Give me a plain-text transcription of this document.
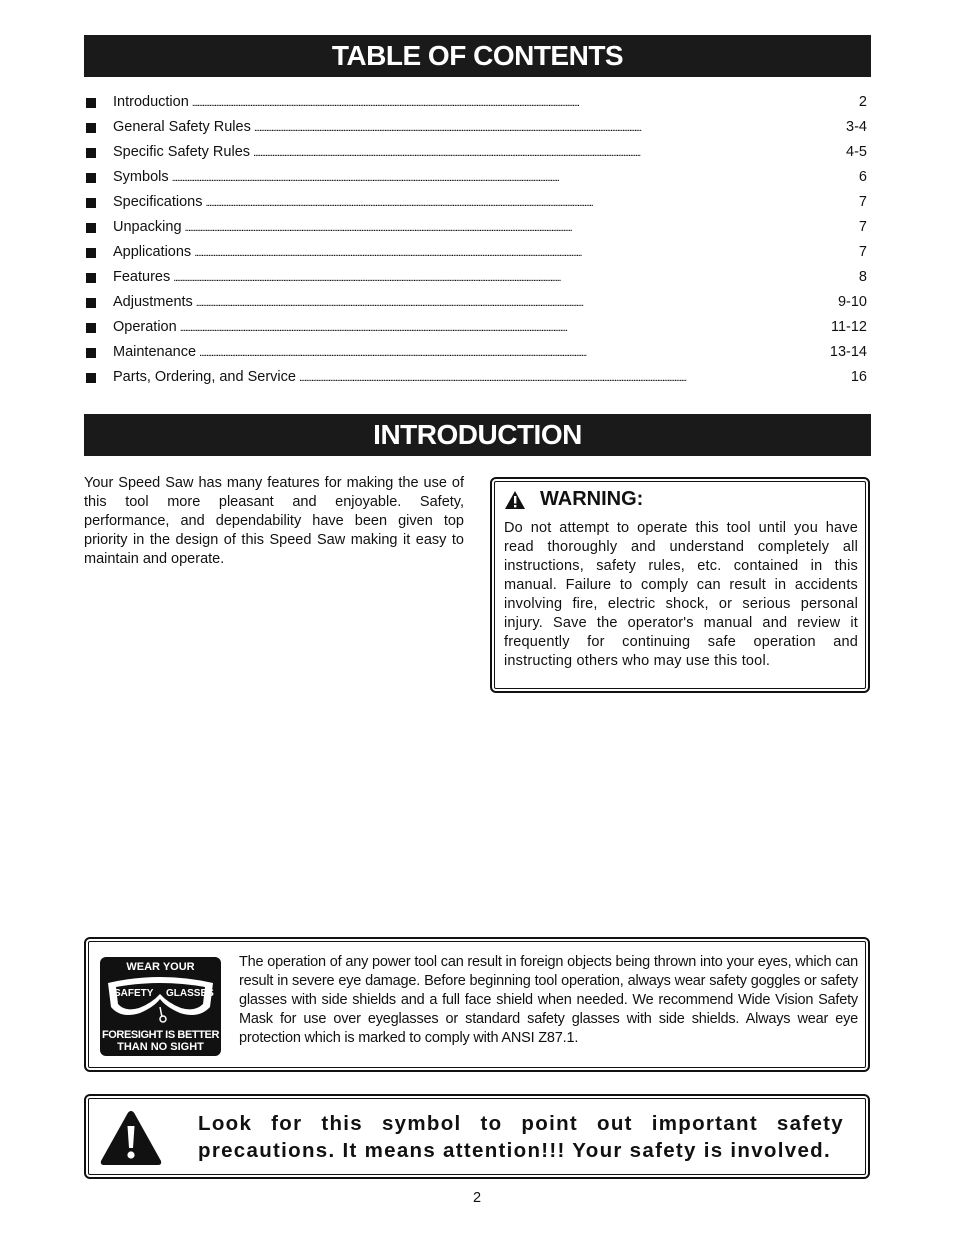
TABLE OF CONTENTS
Introduction . . .	2
General Safety Rules . . .	3-4
Specific Safety Rules . . .	4-5
Symbols . . .	6
Specifications . . .	7
Unpacking . . .	7
Applications . . .	7
Features . . .	8
Adjustments . . .	9-10
Operation . . .	11-12
Maintenance . . .	13-14
Parts, Ordering, and Service . . .	16
INTRODUCTION

Your Speed Saw has many features for making the use of this tool more pleasant and enjoyable. Safety, performance, and dependability have been given top priority in the design of this Speed Saw making it easy to maintain and operate.

WARNING:

Do not attempt to operate this tool until you have read thoroughly and understand completely all instructions, safety rules, etc. contained in this manual. Failure to comply can result in accidents involving fire, electric shock, or serious personal injury. Save the operator's manual and review it frequently for continuing safe operation and instructing others who may use this tool.

WEAR YOUR
SAFETY GLASSES
FORESIGHT IS BETTER
THAN NO SIGHT

The operation of any power tool can result in foreign objects being thrown into your eyes, which can result in severe eye damage. Before beginning tool operation, always wear safety goggles or safety glasses with side shields and a full face shield when needed. We recommend Wide Vision Safety Mask for use over eyeglasses or standard safety glasses with side shields. Always wear eye protection which is marked to comply with ANSI Z87.1.

Look for this symbol to point out important safety precautions. It means attention!!! Your safety is involved.

2
